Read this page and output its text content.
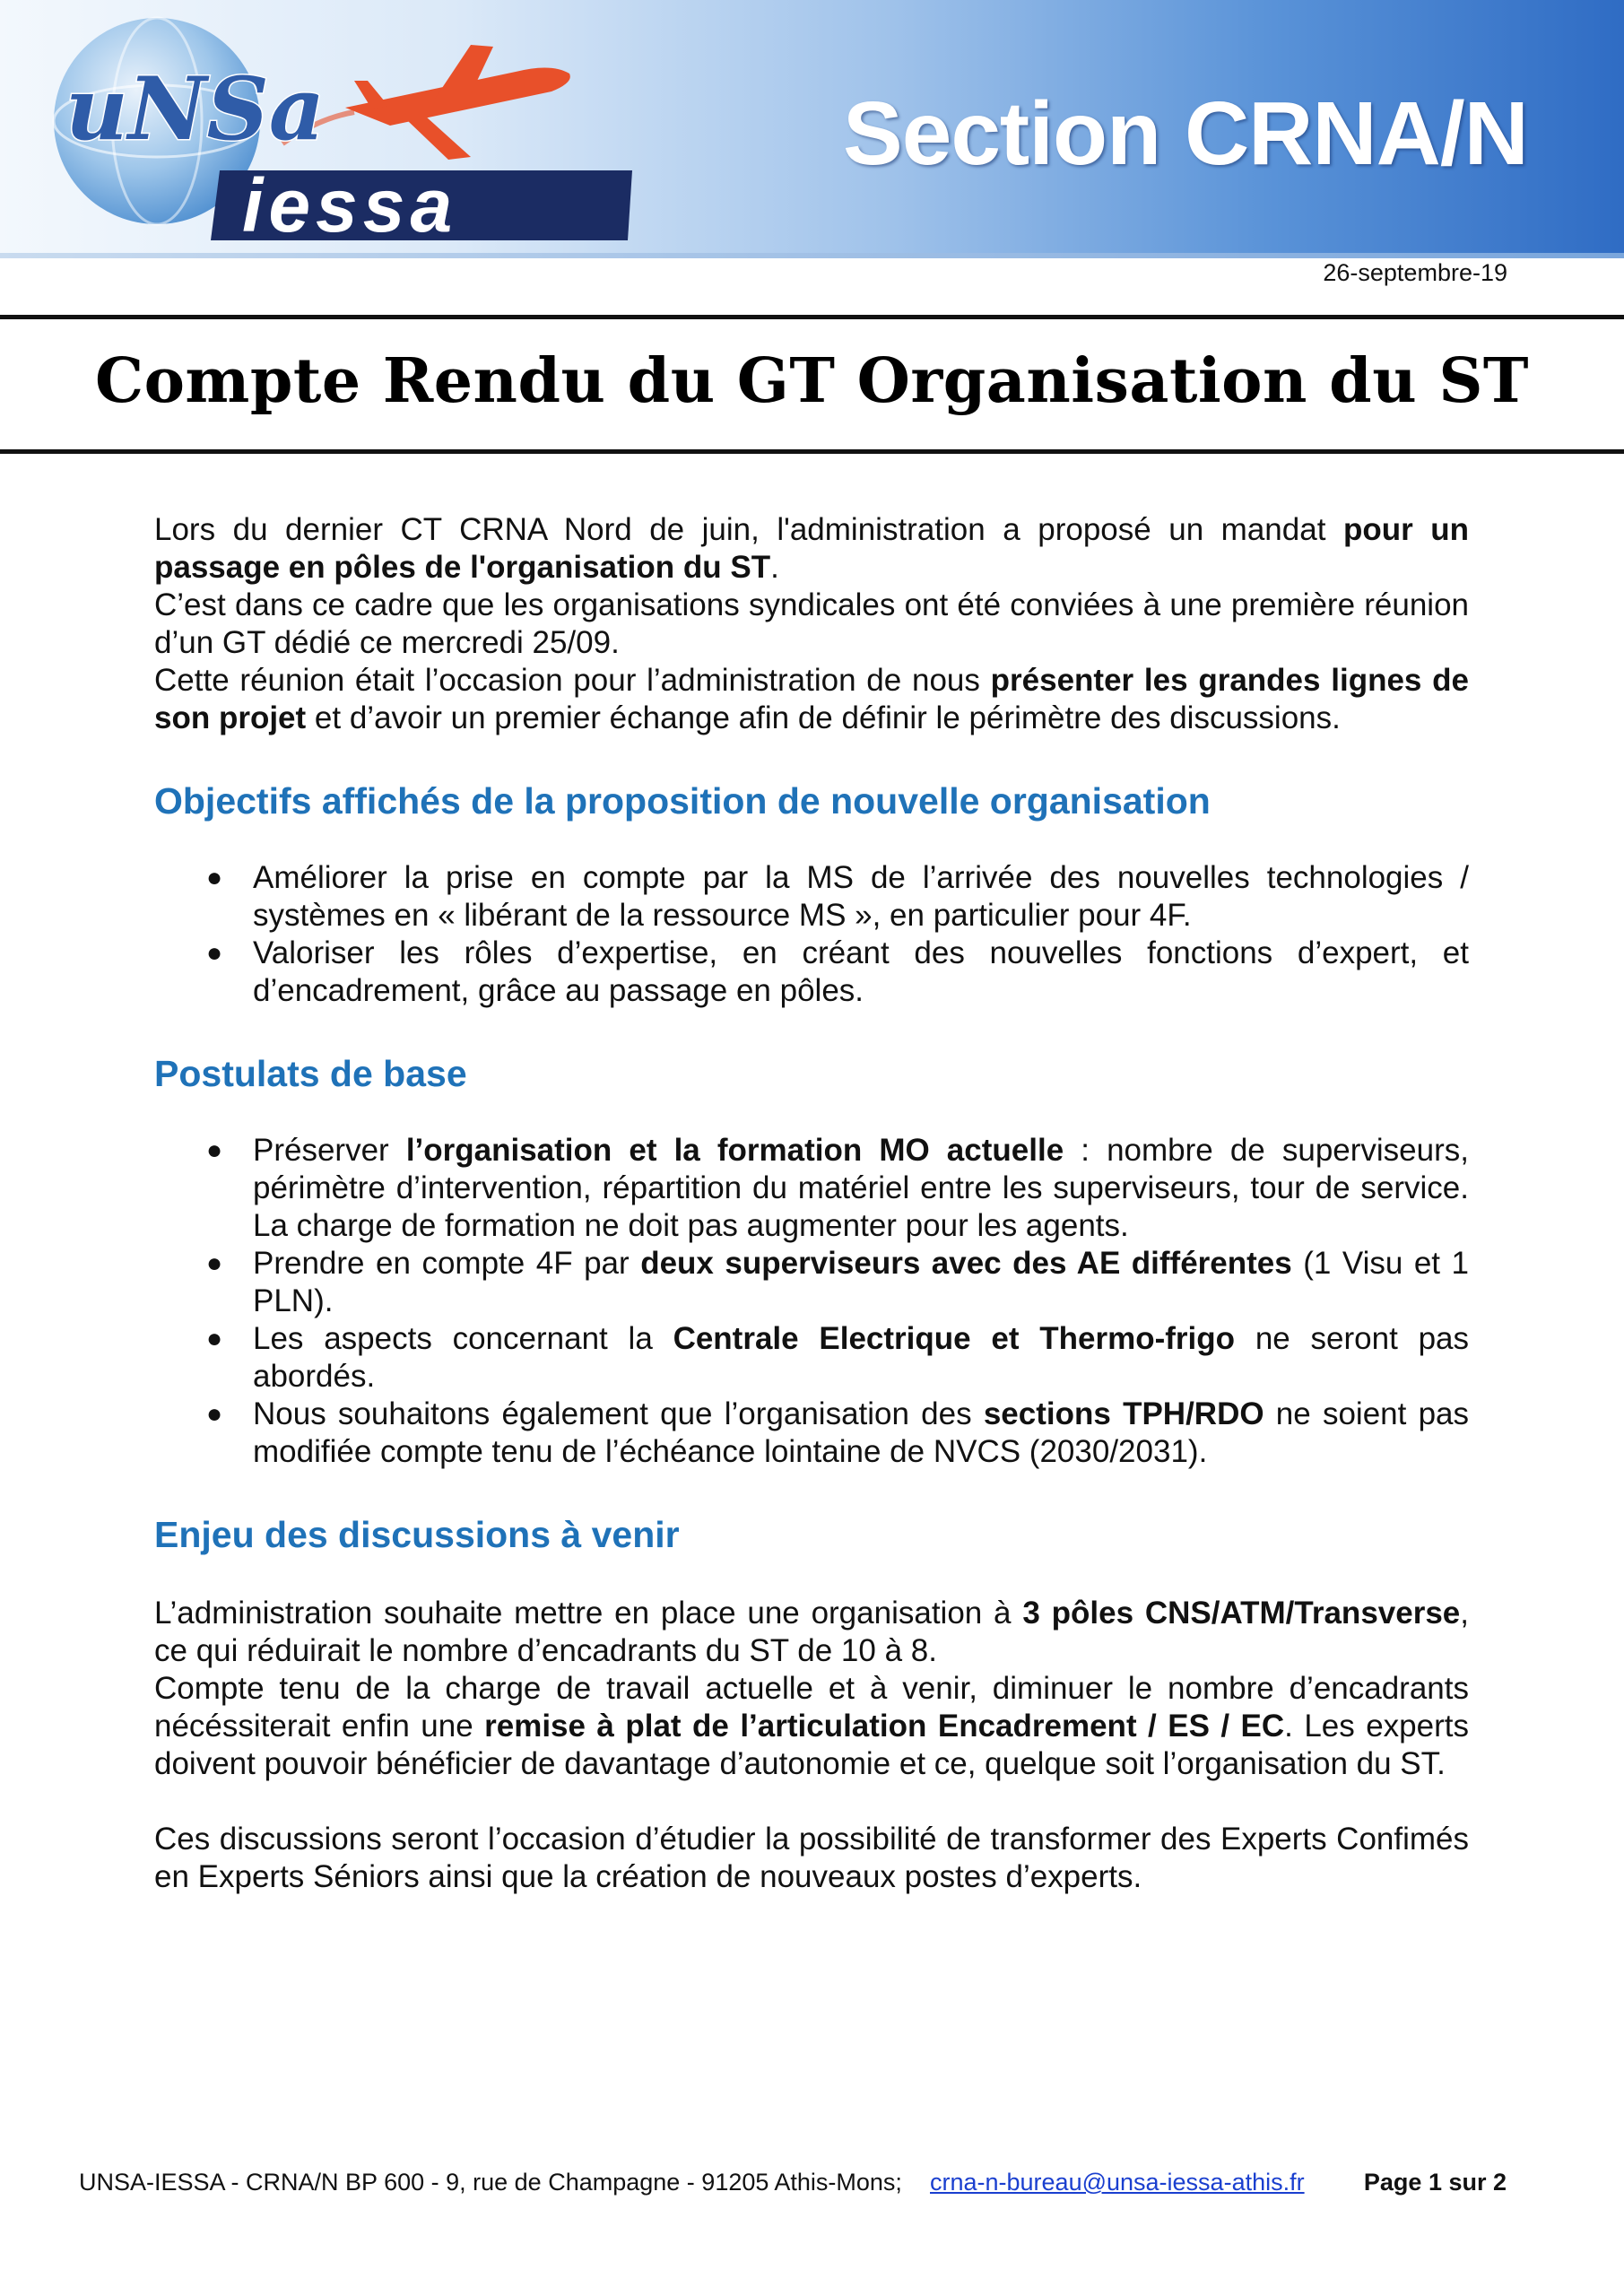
uNSa
iessa
Section CRNA/N
26-septembre-19
Compte Rendu du GT Organisation du ST

Lors du dernier CT CRNA Nord de juin, l'administration a proposé un mandat pour un passage en pôles de l'organisation du ST.

C’est dans ce cadre que les organisations syndicales ont été conviées à une première réunion d’un GT dédié ce mercredi 25/09.

Cette réunion était l’occasion pour l’administration de nous présenter les grandes lignes de son projet et d’avoir un premier échange afin de définir le périmètre des discussions.

Objectifs affichés de la proposition de nouvelle organisation
● Améliorer la prise en compte par la MS de l’arrivée des nouvelles technologies / systèmes en « libérant de la ressource MS », en particulier pour 4F.
● Valoriser les rôles d’expertise, en créant des nouvelles fonctions d’expert, et d’encadrement, grâce au passage en pôles.
Postulats de base
● Préserver l’organisation et la formation MO actuelle : nombre de superviseurs, périmètre d’intervention, répartition du matériel entre les superviseurs, tour de service. La charge de formation ne doit pas augmenter pour les agents.
● Prendre en compte 4F par deux superviseurs avec des AE différentes (1 Visu et 1 PLN).
● Les aspects concernant la Centrale Electrique et Thermo-frigo ne seront pas abordés.
● Nous souhaitons également que l’organisation des sections TPH/RDO ne soient pas modifiée compte tenu de l’échéance lointaine de NVCS (2030/2031).
Enjeu des discussions à venir

L’administration souhaite mettre en place une organisation à 3 pôles CNS/ATM/Transverse, ce qui réduirait le nombre d’encadrants du ST de 10 à 8.

Compte tenu de la charge de travail actuelle et à venir, diminuer le nombre d’encadrants nécéssiterait enfin une remise à plat de l’articulation Encadrement / ES / EC. Les experts doivent pouvoir bénéficier de davantage d’autonomie et ce, quelque soit l’organisation du ST.

Ces discussions seront l’occasion d’étudier la possibilité de transformer des Experts Confimés en Experts Séniors ainsi que la création de nouveaux postes d’experts.

UNSA-IESSA - CRNA/N BP 600 - 9, rue de Champagne - 91205 Athis-Mons; crna-n-bureau@unsa-iessa-athis.fr Page 1 sur 2
